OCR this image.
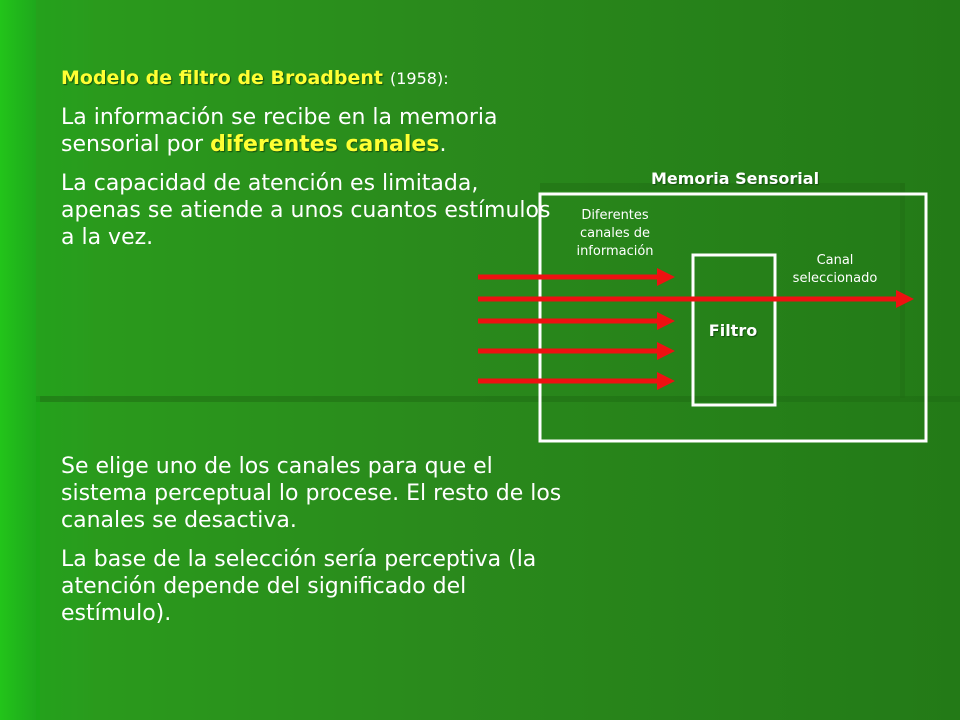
Modelo de filtro de Broadbent (1958):

La información se recibe en la memoria sensorial por diferentes canales.

La capacidad de atención es limitada, apenas se atiende a unos cuantos estímulos a la vez.

Se elige uno de los canales para que el sistema perceptual lo procese. El resto de los canales se desactiva.

La base de la selección sería perceptiva (la atención depende del significado del estímulo).

Memoria Sensorial
Diferentes canales de información
Canal seleccionado
Filtro
